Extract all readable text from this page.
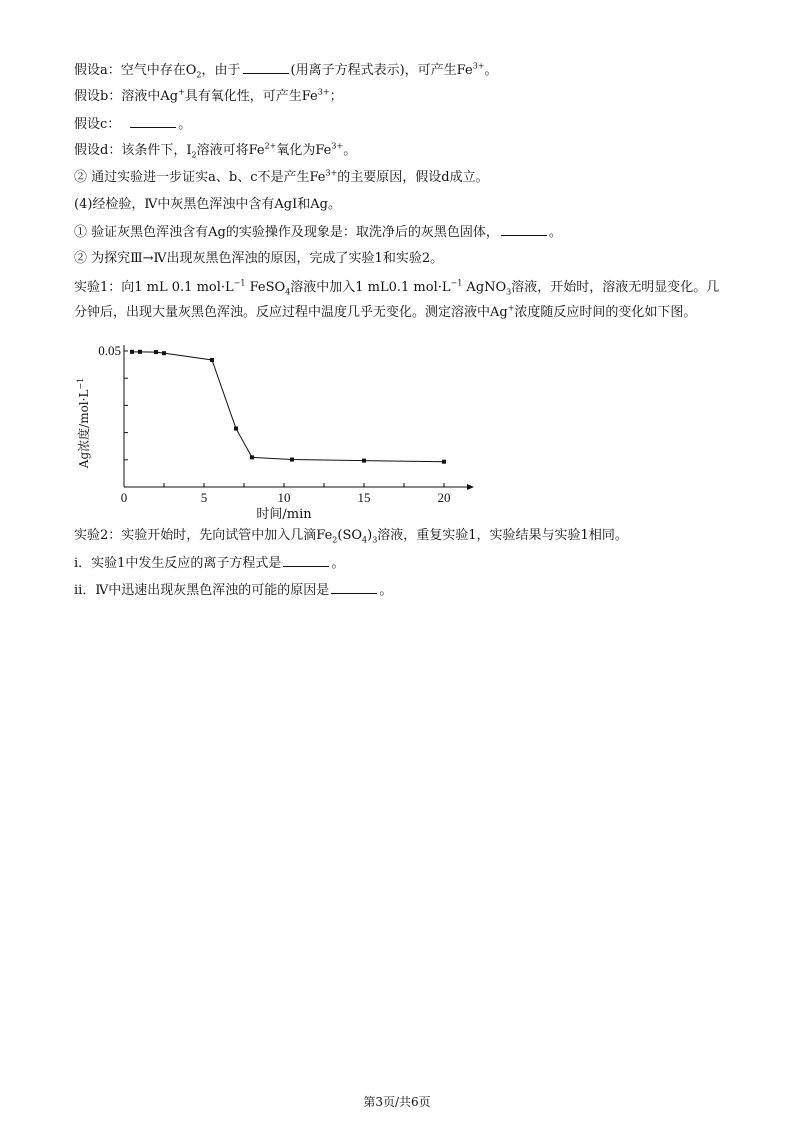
假设a：空气中存在$O_2$，由于	(用离子方程式表示)，可产生$Fe^{3+}$。
假设b：溶液中Ag+具有氧化性，可产生$Fe^{3+}$；
假设c：	。
假设d：该条件下，$I_2$溶液可将$Fe^{2+}$氧化为$Fe^{3+}$。
② 通过实验进一步证实a、b、c不是产生$Fe^{3+}$的主要原因，假设d成立。
(4)经检验，Ⅳ中灰黑色浑浊中含有AgI和Ag。
① 验证灰黑色浑浊含有Ag的实验操作及现象是：取洗净后的灰黑色固体，	。
② 为探究Ⅲ→Ⅳ出现灰黑色浑浊的原因，完成了实验1和实验2。
实验1：向1 mL 0.1 $mol\cdot L^{-1}$ FeSO$_4$溶液中加入1 mL0.1 $mol\cdot L^{-1}$ AgNO$_3$溶液，开始时，溶液无明显变化。几
分钟后，出现大量灰黑色浑浊。反应过程中温度几乎无变化。测定溶液中Ag+浓度随反应时间的变化如下图。
0.05
0	5	10	15	20
时间/min
Ag浓度$/mol\cdot L^{-1}$
实验2：实验开始时，先向试管中加入几滴$Fe_2(SO_4)_3$溶液，重复实验1，实验结果与实验1相同。
ⅰ．实验1中发生反应的离子方程式是	。
ⅱ．Ⅳ中迅速出现灰黑色浑浊的可能的原因是	。
第3页/共6页
